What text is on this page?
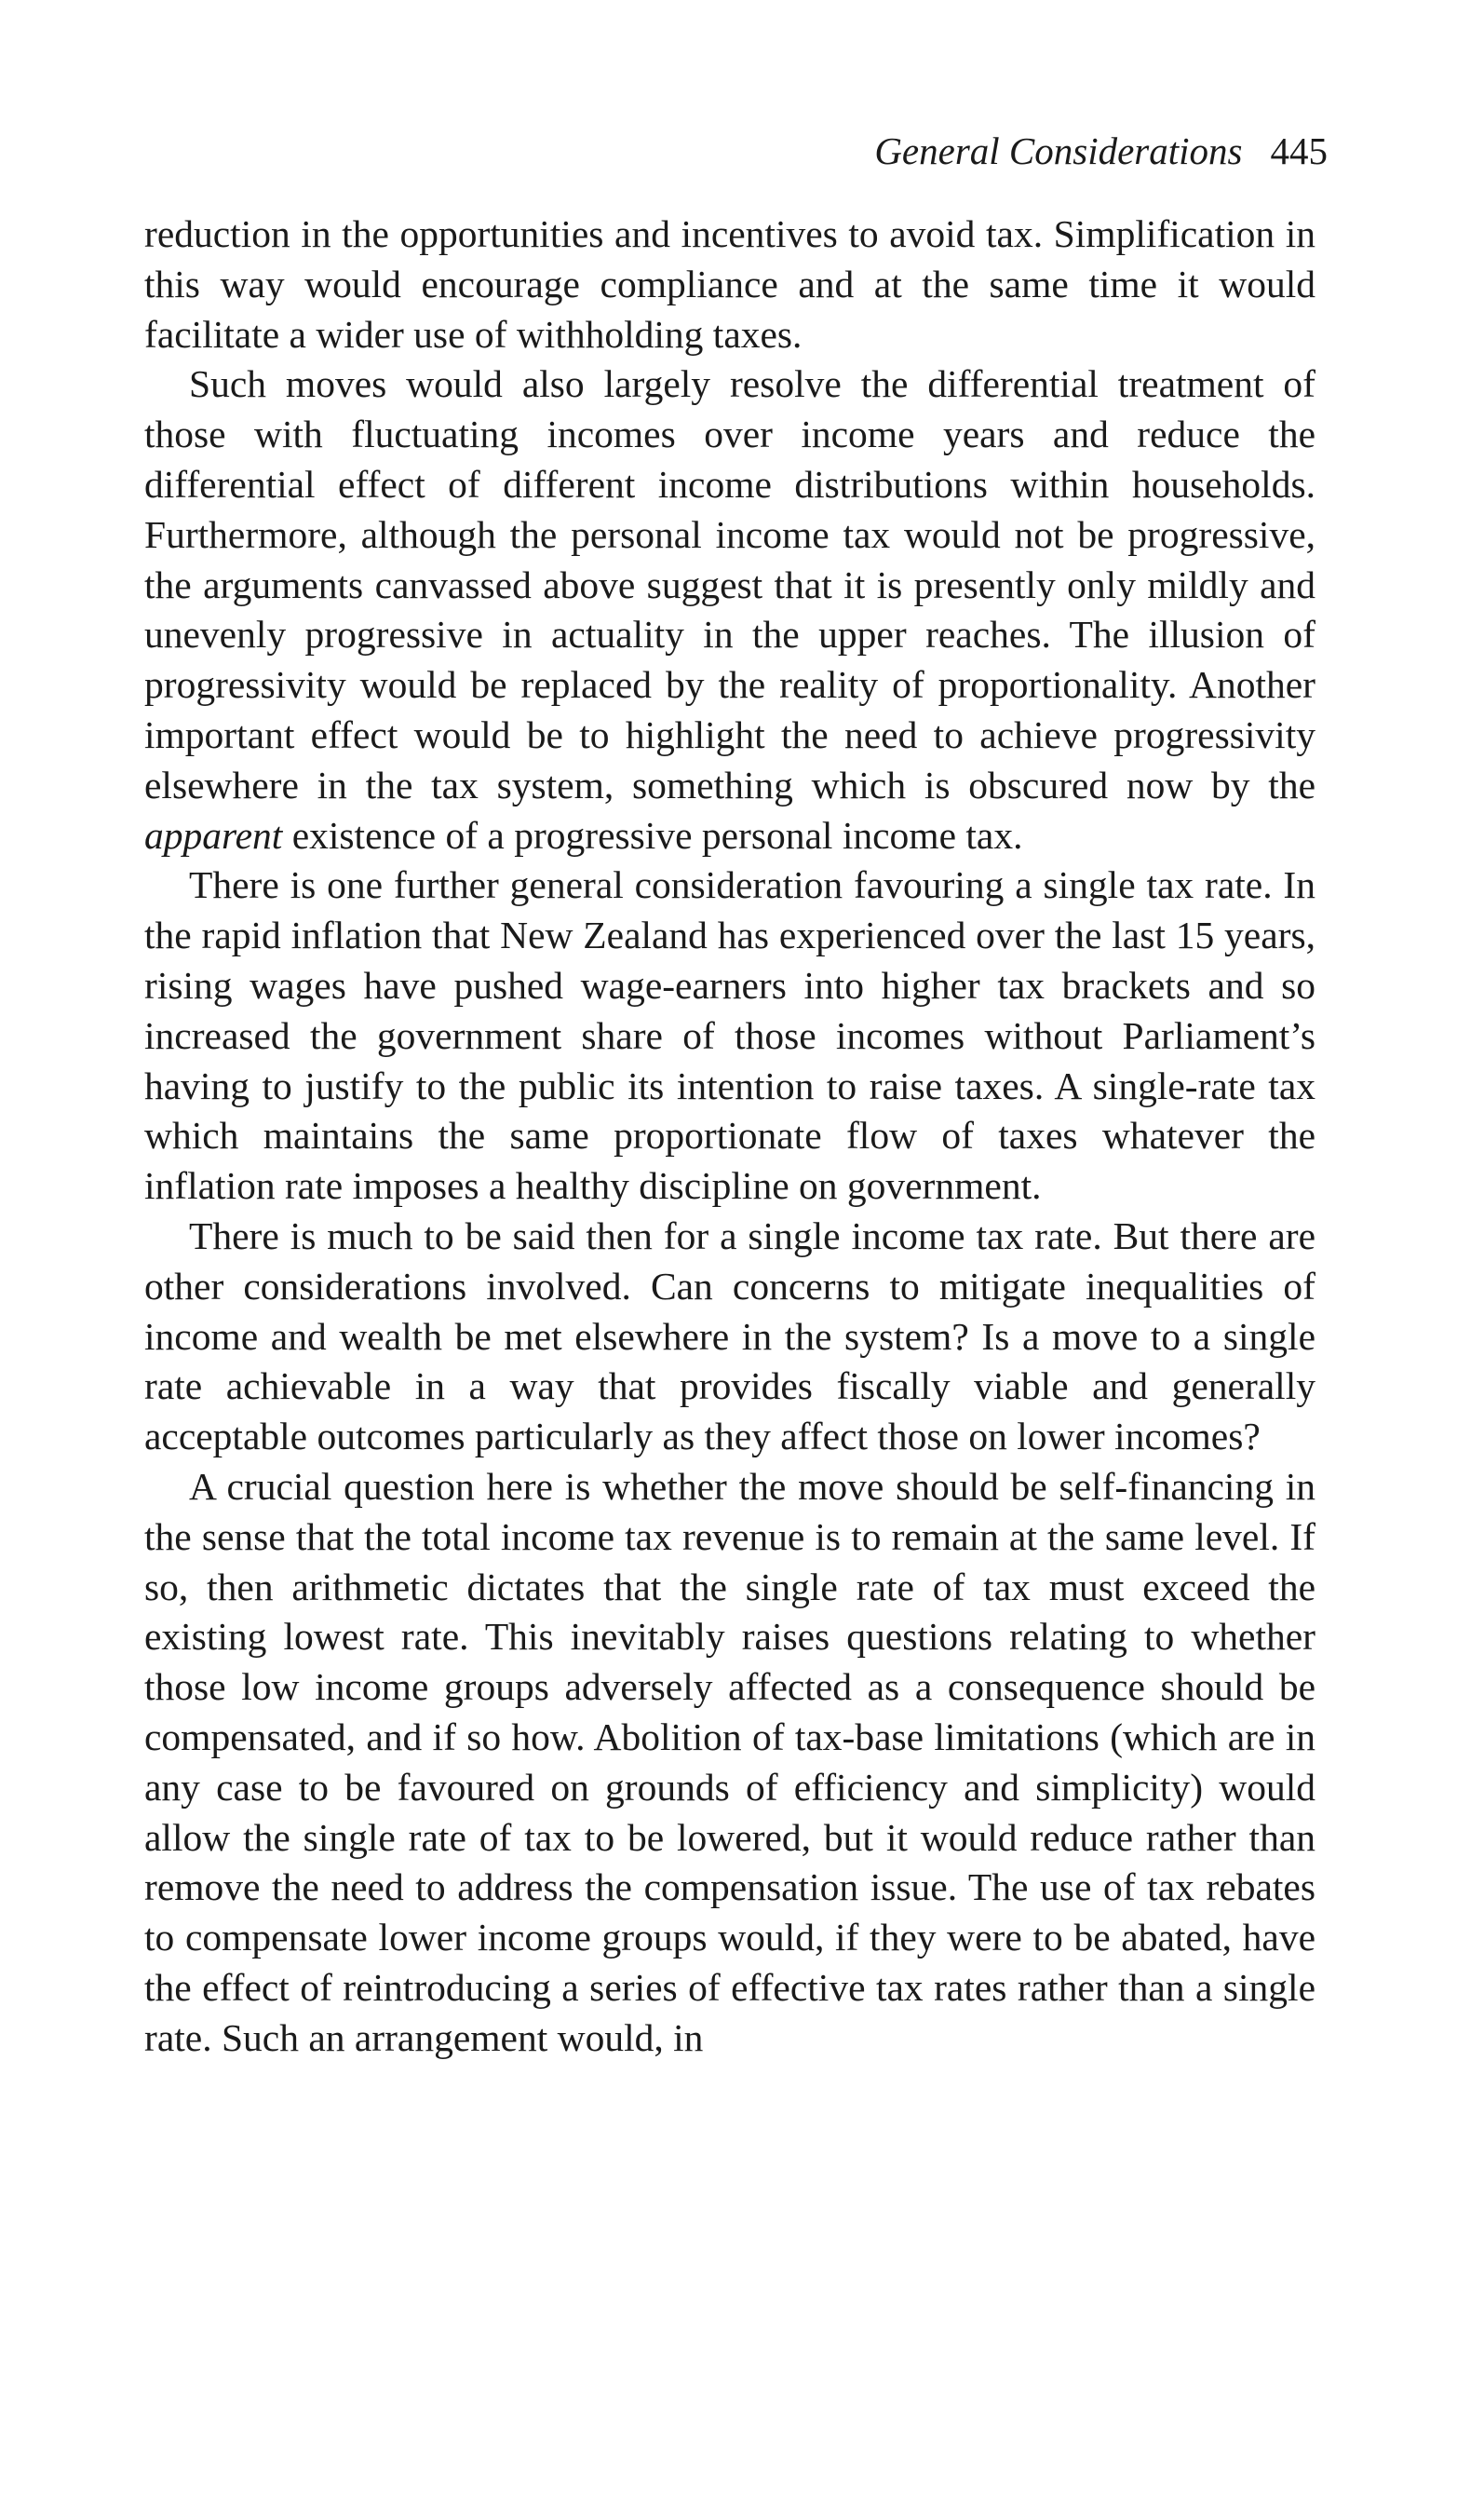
General Considerations 445

reduction in the opportunities and incentives to avoid tax. Simplification in this way would encourage compliance and at the same time it would facilitate a wider use of withholding taxes.

Such moves would also largely resolve the differential treatment of those with fluctuating incomes over income years and reduce the differential effect of different income distributions within households. Furthermore, although the personal income tax would not be progressive, the arguments canvassed above suggest that it is presently only mildly and unevenly progressive in actuality in the upper reaches. The illusion of progressivity would be replaced by the reality of proportionality. Another important effect would be to highlight the need to achieve progressivity elsewhere in the tax system, something which is obscured now by the apparent existence of a progressive personal income tax.

There is one further general consideration favouring a single tax rate. In the rapid inflation that New Zealand has experienced over the last 15 years, rising wages have pushed wage-earners into higher tax brackets and so increased the government share of those incomes without Parliament’s having to justify to the public its intention to raise taxes. A single-rate tax which maintains the same proportionate flow of taxes whatever the inflation rate imposes a healthy discipline on government.

There is much to be said then for a single income tax rate. But there are other considerations involved. Can concerns to mitigate inequalities of income and wealth be met elsewhere in the system? Is a move to a single rate achievable in a way that provides fiscally viable and generally acceptable outcomes particularly as they affect those on lower incomes?

A crucial question here is whether the move should be self-financing in the sense that the total income tax revenue is to remain at the same level. If so, then arithmetic dictates that the single rate of tax must exceed the existing lowest rate. This inevitably raises questions relating to whether those low income groups adversely affected as a consequence should be compensated, and if so how. Abolition of tax-base limitations (which are in any case to be favoured on grounds of efficiency and simplicity) would allow the single rate of tax to be lowered, but it would reduce rather than remove the need to address the compensation issue. The use of tax rebates to compensate lower income groups would, if they were to be abated, have the effect of reintroducing a series of effective tax rates rather than a single rate. Such an arrangement would, in
